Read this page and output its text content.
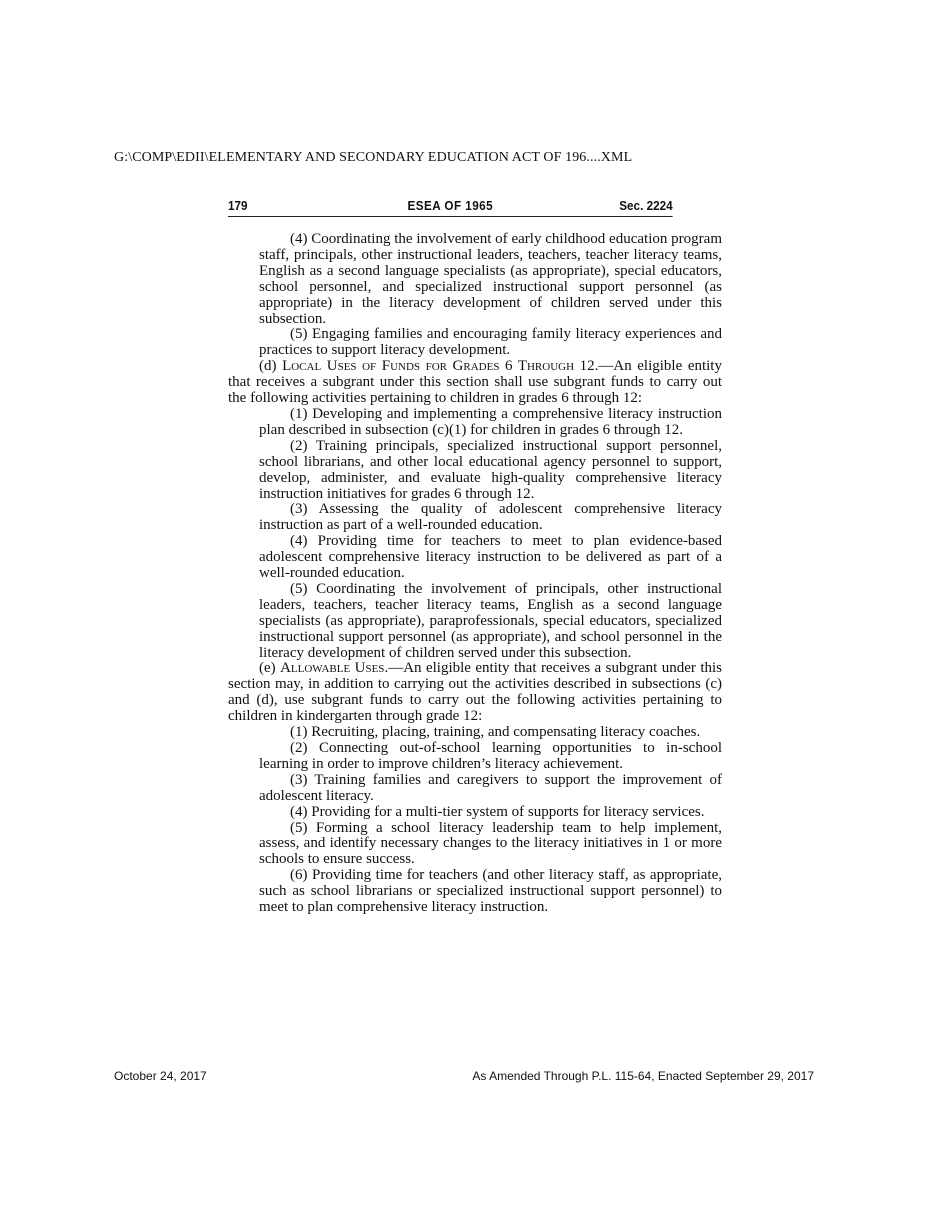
G:\COMP\EDII\ELEMENTARY AND SECONDARY EDUCATION ACT OF 196....XML
179	ESEA OF 1965	Sec. 2224

(4) Coordinating the involvement of early childhood education program staff, principals, other instructional leaders, teachers, teacher literacy teams, English as a second language specialists (as appropriate), special educators, school personnel, and specialized instructional support personnel (as appropriate) in the literacy development of children served under this subsection.

(5) Engaging families and encouraging family literacy experiences and practices to support literacy development.

(d) Local Uses of Funds for Grades 6 Through 12.—An eligible entity that receives a subgrant under this section shall use subgrant funds to carry out the following activities pertaining to children in grades 6 through 12:

(1) Developing and implementing a comprehensive literacy instruction plan described in subsection (c)(1) for children in grades 6 through 12.

(2) Training principals, specialized instructional support personnel, school librarians, and other local educational agency personnel to support, develop, administer, and evaluate high-quality comprehensive literacy instruction initiatives for grades 6 through 12.

(3) Assessing the quality of adolescent comprehensive literacy instruction as part of a well-rounded education.

(4) Providing time for teachers to meet to plan evidence-based adolescent comprehensive literacy instruction to be delivered as part of a well-rounded education.

(5) Coordinating the involvement of principals, other instructional leaders, teachers, teacher literacy teams, English as a second language specialists (as appropriate), paraprofessionals, special educators, specialized instructional support personnel (as appropriate), and school personnel in the literacy development of children served under this subsection.

(e) Allowable Uses.—An eligible entity that receives a subgrant under this section may, in addition to carrying out the activities described in subsections (c) and (d), use subgrant funds to carry out the following activities pertaining to children in kindergarten through grade 12:

(1) Recruiting, placing, training, and compensating literacy coaches.

(2) Connecting out-of-school learning opportunities to in-school learning in order to improve children’s literacy achievement.

(3) Training families and caregivers to support the improvement of adolescent literacy.

(4) Providing for a multi-tier system of supports for literacy services.

(5) Forming a school literacy leadership team to help implement, assess, and identify necessary changes to the literacy initiatives in 1 or more schools to ensure success.

(6) Providing time for teachers (and other literacy staff, as appropriate, such as school librarians or specialized instructional support personnel) to meet to plan comprehensive literacy instruction.

October 24, 2017	As Amended Through P.L. 115-64, Enacted September 29, 2017
